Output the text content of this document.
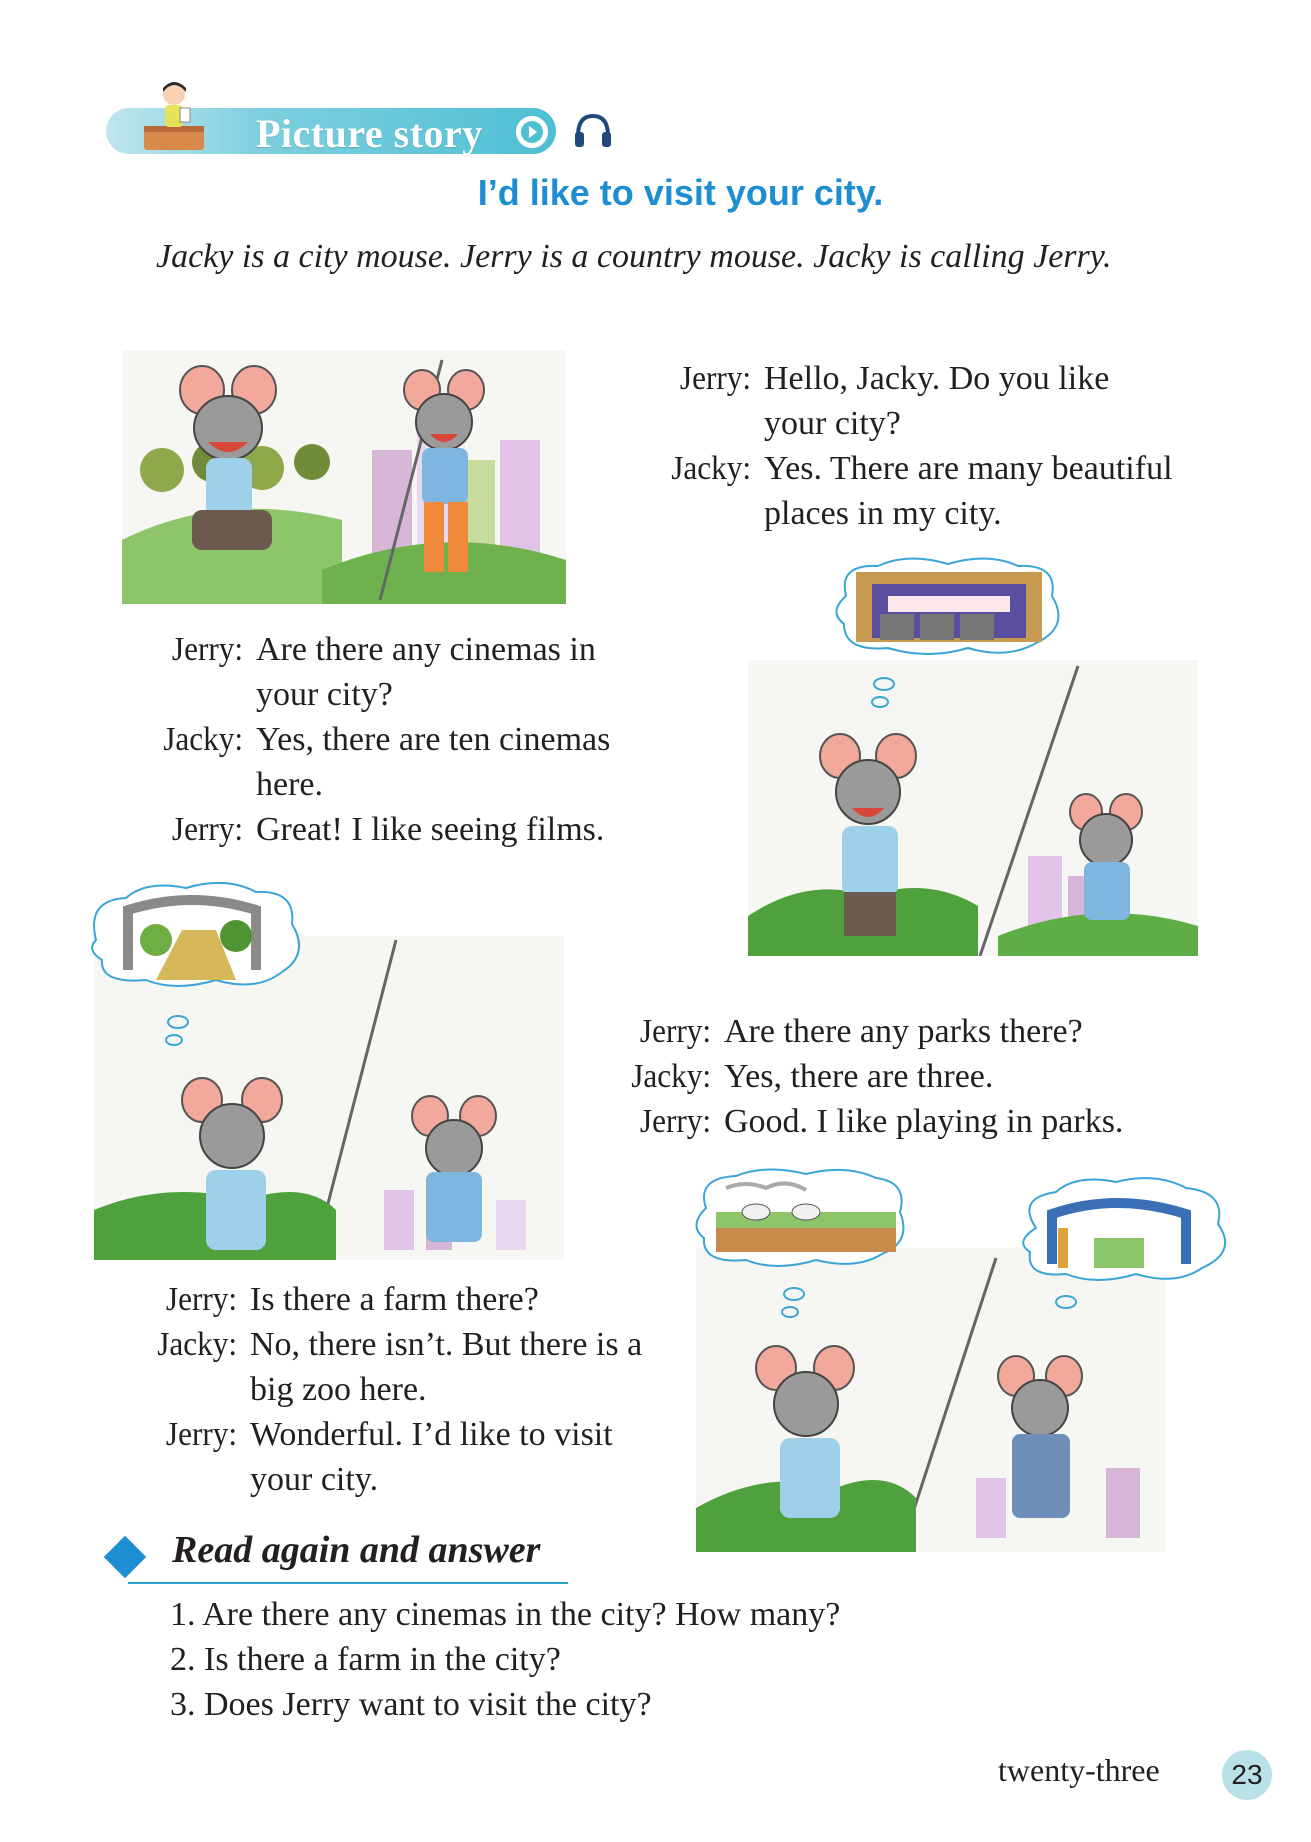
Picture story
I’d like to visit your city.
Jacky is a city mouse. Jerry is a country mouse. Jacky is calling Jerry.
Jerry: Hello, Jacky. Do you like
your city?
Jacky: Yes. There are many beautiful
places in my city.
Jerry: Are there any cinemas in
your city?
Jacky: Yes, there are ten cinemas
here.
Jerry: Great! I like seeing films.
Jerry: Are there any parks there?
Jacky: Yes, there are three.
Jerry: Good. I like playing in parks.
Jerry: Is there a farm there?
Jacky: No, there isn’t. But there is a
big zoo here.
Jerry: Wonderful. I’d like to visit
your city.
Read again and answer
1. Are there any cinemas in the city? How many?
2. Is there a farm in the city?
3. Does Jerry want to visit the city?
twenty-three	23
